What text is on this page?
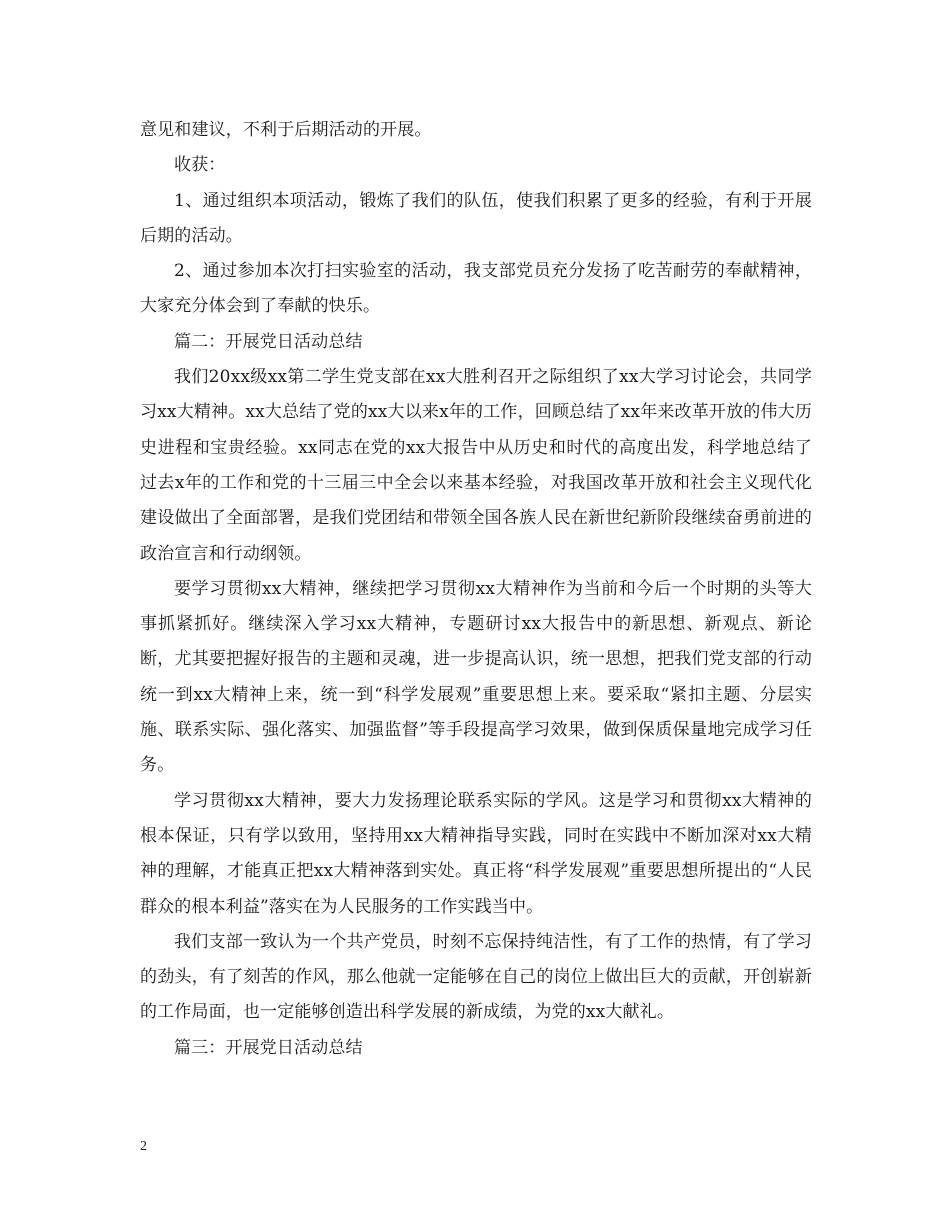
意见和建议，不利于后期活动的开展。

收获：

1、通过组织本项活动，锻炼了我们的队伍，使我们积累了更多的经验，有利于开展后期的活动。

2、通过参加本次打扫实验室的活动，我支部党员充分发扬了吃苦耐劳的奉献精神，大家充分体会到了奉献的快乐。

篇二：开展党日活动总结

我们20xx级xx第二学生党支部在xx大胜利召开之际组织了xx大学习讨论会，共同学习xx大精神。xx大总结了党的xx大以来x年的工作，回顾总结了xx年来改革开放的伟大历史进程和宝贵经验。xx同志在党的xx大报告中从历史和时代的高度出发，科学地总结了过去x年的工作和党的十三届三中全会以来基本经验，对我国改革开放和社会主义现代化建设做出了全面部署，是我们党团结和带领全国各族人民在新世纪新阶段继续奋勇前进的政治宣言和行动纲领。

要学习贯彻xx大精神，继续把学习贯彻xx大精神作为当前和今后一个时期的头等大事抓紧抓好。继续深入学习xx大精神，专题研讨xx大报告中的新思想、新观点、新论断，尤其要把握好报告的主题和灵魂，进一步提高认识，统一思想，把我们党支部的行动统一到xx大精神上来，统一到“科学发展观”重要思想上来。要采取“紧扣主题、分层实施、联系实际、强化落实、加强监督”等手段提高学习效果，做到保质保量地完成学习任务。

学习贯彻xx大精神，要大力发扬理论联系实际的学风。这是学习和贯彻xx大精神的根本保证，只有学以致用，坚持用xx大精神指导实践，同时在实践中不断加深对xx大精神的理解，才能真正把xx大精神落到实处。真正将“科学发展观”重要思想所提出的“人民群众的根本利益”落实在为人民服务的工作实践当中。

我们支部一致认为一个共产党员，时刻不忘保持纯洁性，有了工作的热情，有了学习的劲头，有了刻苦的作风，那么他就一定能够在自己的岗位上做出巨大的贡献，开创崭新的工作局面，也一定能够创造出科学发展的新成绩，为党的xx大献礼。

篇三：开展党日活动总结

2
